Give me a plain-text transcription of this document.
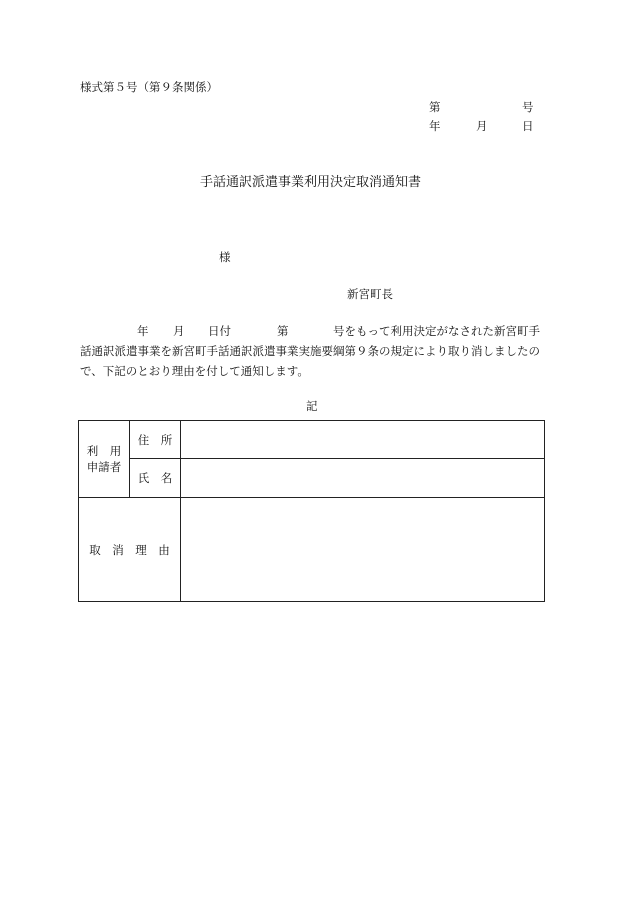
様式第５号（第９条関係）
第	号
年	月	日
手話通訳派遣事業利用決定取消通知書
様
新宮町長
年 月 日付	第	号をもって利用決定がなされた新宮町手
話通訳派遣事業を新宮町手話通訳派遣事業実施要綱第９条の規定により取り消しましたの
で、下記のとおり理由を付して通知します。
記
利　用
申請者
住　所
氏　名
取　消　理　由
